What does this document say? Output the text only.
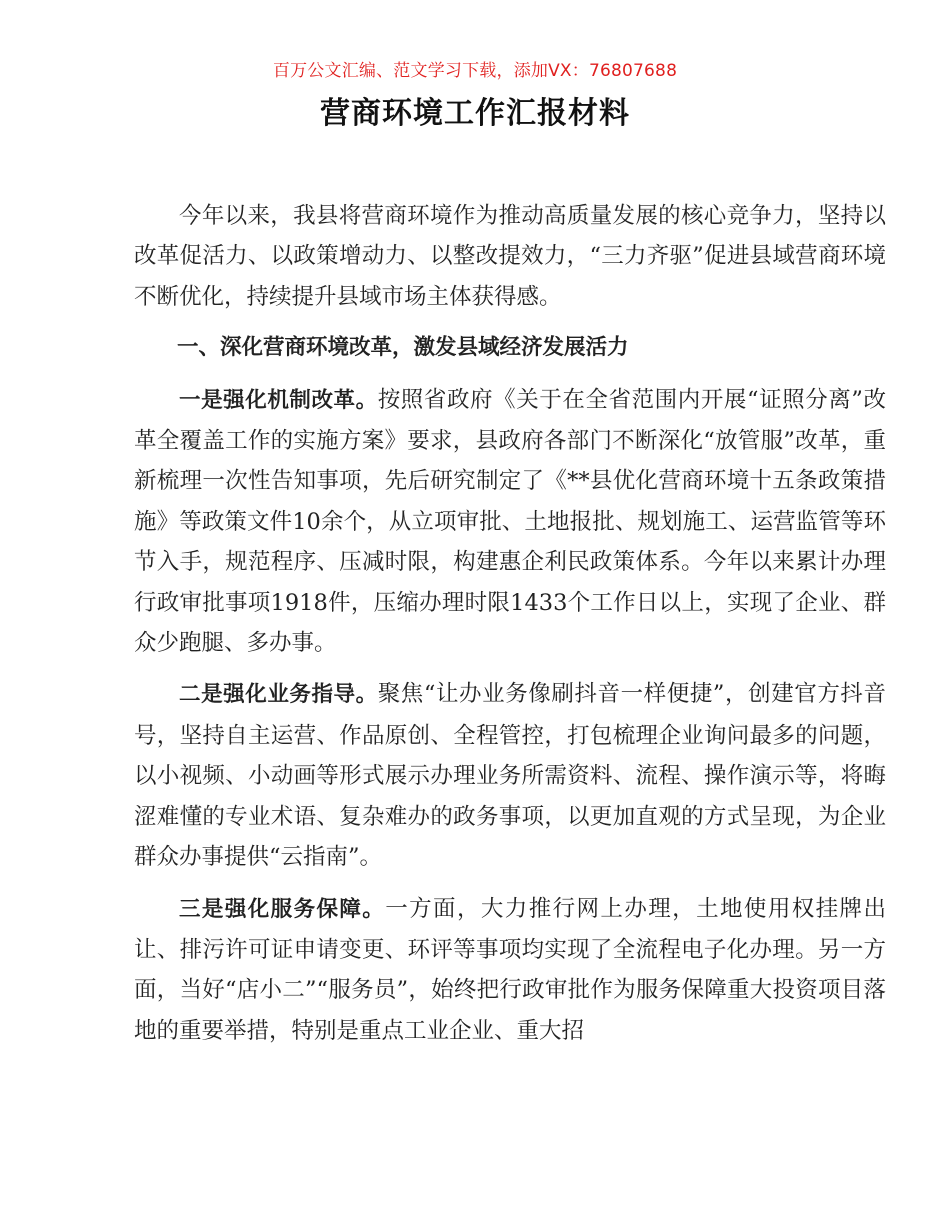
百万公文汇编、范文学习下载，添加VX：76807688
营商环境工作汇报材料

今年以来，我县将营商环境作为推动高质量发展的核心竞争力，坚持以改革促活力、以政策增动力、以整改提效力，“三力齐驱”促进县域营商环境不断优化，持续提升县域市场主体获得感。

一、深化营商环境改革，激发县域经济发展活力

一是强化机制改革。按照省政府《关于在全省范围内开展“证照分离”改革全覆盖工作的实施方案》要求，县政府各部门不断深化“放管服”改革，重新梳理一次性告知事项，先后研究制定了《**县优化营商环境十五条政策措施》等政策文件10余个，从立项审批、土地报批、规划施工、运营监管等环节入手，规范程序、压减时限，构建惠企利民政策体系。今年以来累计办理行政审批事项1918件，压缩办理时限1433个工作日以上，实现了企业、群众少跑腿、多办事。

二是强化业务指导。聚焦“让办业务像刷抖音一样便捷”，创建官方抖音号，坚持自主运营、作品原创、全程管控，打包梳理企业询问最多的问题，以小视频、小动画等形式展示办理业务所需资料、流程、操作演示等，将晦涩难懂的专业术语、复杂难办的政务事项，以更加直观的方式呈现，为企业群众办事提供“云指南”。

三是强化服务保障。一方面，大力推行网上办理，土地使用权挂牌出让、排污许可证申请变更、环评等事项均实现了全流程电子化办理。另一方面，当好“店小二”“服务员”，始终把行政审批作为服务保障重大投资项目落地的重要举措，特别是重点工业企业、重大招
